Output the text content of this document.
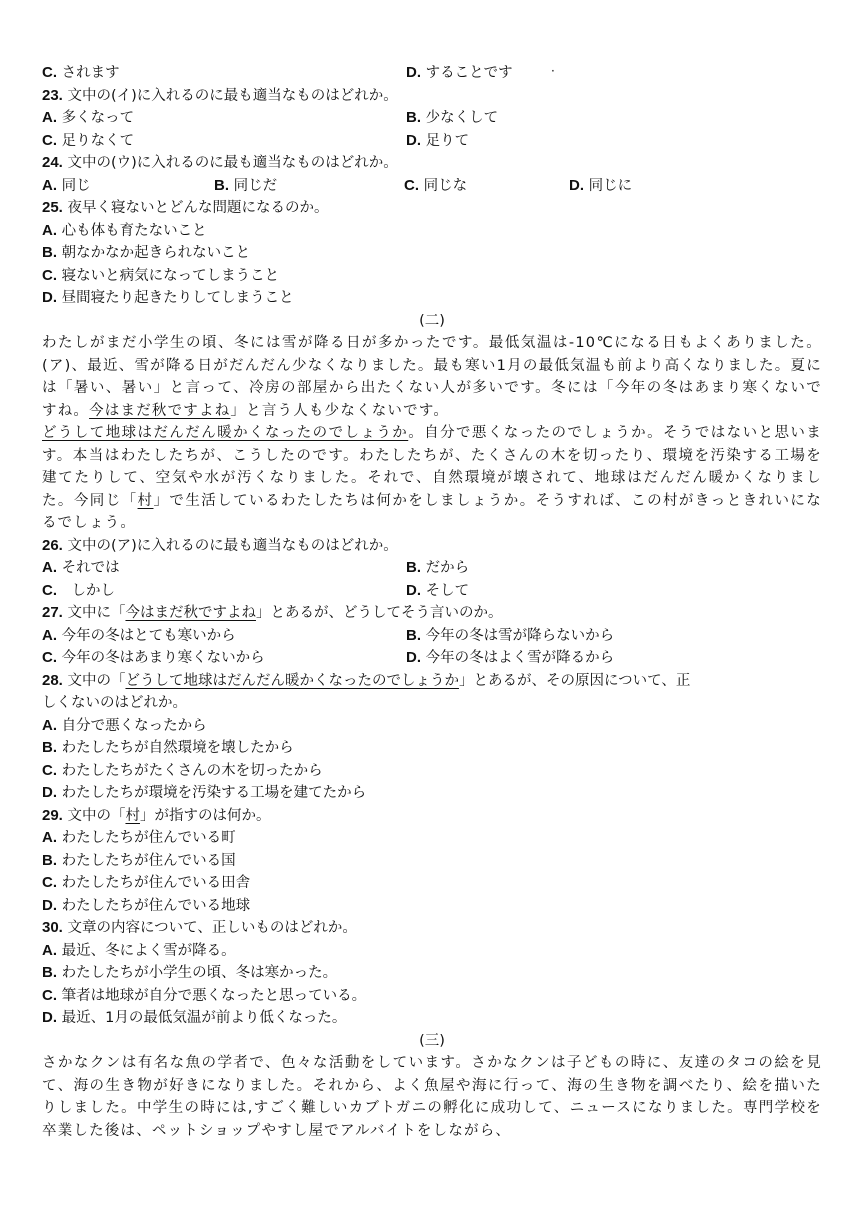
C. されます	D. することです	·
23. 文中の(イ)に入れるのに最も適当なものはどれか。
A. 多くなって	B. 少なくして
C. 足りなくて	D. 足りて
24. 文中の(ウ)に入れるのに最も適当なものはどれか。
A. 同じ	B. 同じだ	C. 同じな	D. 同じに
25. 夜早く寝ないとどんな問題になるのか。
A. 心も体も育たないこと
B. 朝なかなか起きられないこと
C. 寝ないと病気になってしまうこと
D. 昼間寝たり起きたりしてしまうこと
(二)
わたしがまだ小学生の頃、冬には雪が降る日が多かったです。最低気温は-10℃になる日もよくありました。(ア)、最近、雪が降る日がだんだん少なくなりました。最も寒い1月の最低気温も前より高くなりました。夏には「暑い、暑い」と言って、冷房の部屋から出たくない人が多いです。冬には「今年の冬はあまり寒くないですね。今はまだ秋ですよね」と言う人も少なくないです。
どうして地球はだんだん暖かくなったのでしょうか。自分で悪くなったのでしょうか。そうではないと思います。本当はわたしたちが、こうしたのです。わたしたちが、たくさんの木を切ったり、環境を汚染する工場を建てたりして、空気や水が汚くなりました。それで、自然環境が壊されて、地球はだんだん暖かくなりました。今同じ「村」で生活しているわたしたちは何かをしましょうか。そうすれば、この村がきっときれいになるでしょう。
26. 文中の(ア)に入れるのに最も適当なものはどれか。
A. それでは	B. だから
C.　しかし	D. そして
27. 文中に「今はまだ秋ですよね」とあるが、どうしてそう言いのか。
A. 今年の冬はとても寒いから	B. 今年の冬は雪が降らないから
C. 今年の冬はあまり寒くないから	D. 今年の冬はよく雪が降るから
28. 文中の「どうして地球はだんだん暖かくなったのでしょうか」とあるが、その原因について、正
しくないのはどれか。
A. 自分で悪くなったから
B. わたしたちが自然環境を壊したから
C. わたしたちがたくさんの木を切ったから
D. わたしたちが環境を汚染する工場を建てたから
29. 文中の「村」が指すのは何か。
A. わたしたちが住んでいる町
B. わたしたちが住んでいる国
C. わたしたちが住んでいる田舎
D. わたしたちが住んでいる地球
30. 文章の内容について、正しいものはどれか。
A. 最近、冬によく雪が降る。
B. わたしたちが小学生の頃、冬は寒かった。
C. 筆者は地球が自分で悪くなったと思っている。
D. 最近、1月の最低気温が前より低くなった。
(三)
さかなクンは有名な魚の学者で、色々な活動をしています。さかなクンは子どもの時に、友達のタコの絵を見て、海の生き物が好きになりました。それから、よく魚屋や海に行って、海の生き物を調べたり、絵を描いたりしました。中学生の時には,すごく難しいカブトガニの孵化に成功して、ニュースになりました。専門学校を卒業した後は、ペットショップやすし屋でアルバイトをしながら、
